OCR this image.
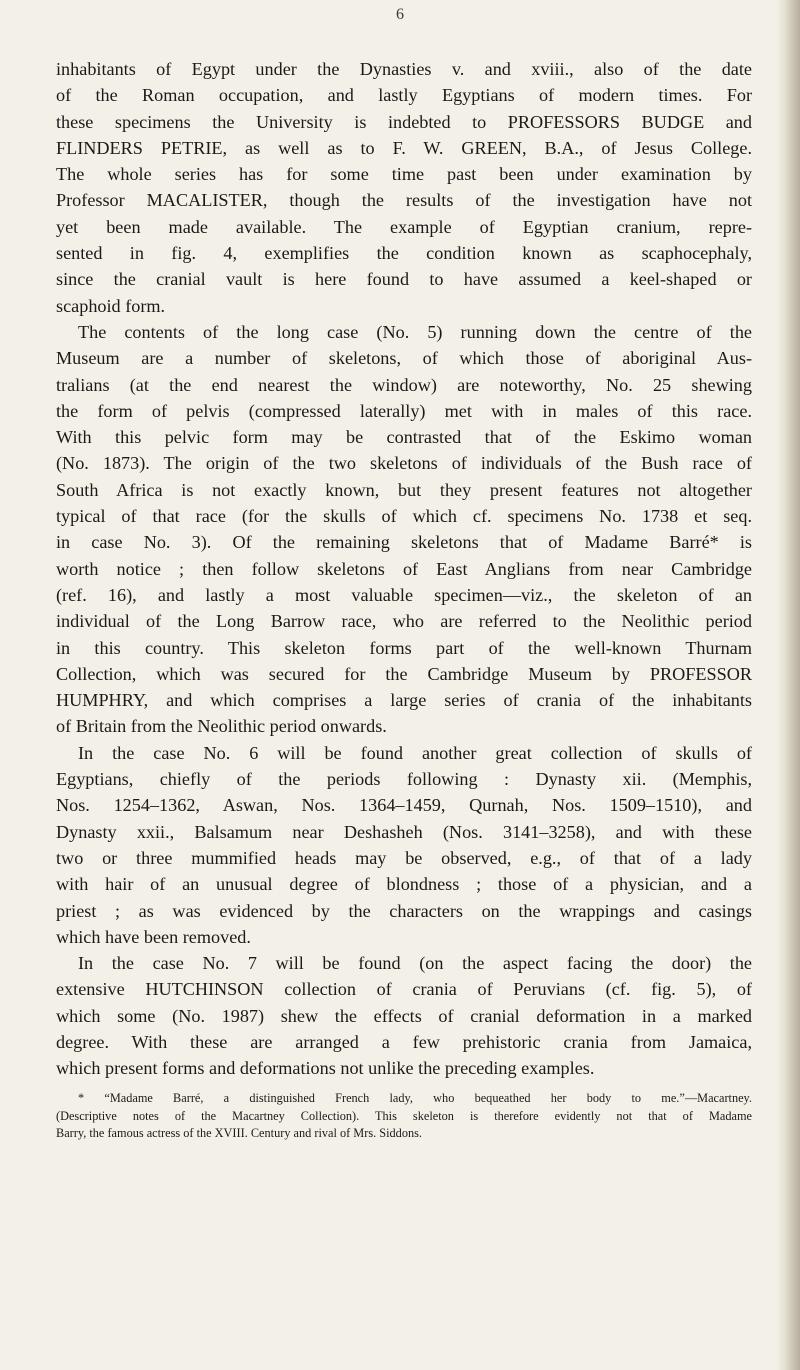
6
inhabitants of Egypt under the Dynasties v. and xviii., also of the date
of the Roman occupation, and lastly Egyptians of modern times. For
these specimens the University is indebted to PROFESSORS BUDGE and
FLINDERS PETRIE, as well as to F. W. GREEN, B.A., of Jesus College.
The whole series has for some time past been under examination by
Professor MACALISTER, though the results of the investigation have not
yet been made available. The example of Egyptian cranium, repre-
sented in fig. 4, exemplifies the condition known as scaphocephaly,
since the cranial vault is here found to have assumed a keel-shaped or
scaphoid form.
The contents of the long case (No. 5) running down the centre of the
Museum are a number of skeletons, of which those of aboriginal Aus-
tralians (at the end nearest the window) are noteworthy, No. 25 shewing
the form of pelvis (compressed laterally) met with in males of this race.
With this pelvic form may be contrasted that of the Eskimo woman
(No. 1873). The origin of the two skeletons of individuals of the Bush race of
South Africa is not exactly known, but they present features not altogether
typical of that race (for the skulls of which cf. specimens No. 1738 et seq.
in case No. 3). Of the remaining skeletons that of Madame Barré* is
worth notice ; then follow skeletons of East Anglians from near Cambridge
(ref. 16), and lastly a most valuable specimen—viz., the skeleton of an
individual of the Long Barrow race, who are referred to the Neolithic period
in this country. This skeleton forms part of the well-known Thurnam
Collection, which was secured for the Cambridge Museum by PROFESSOR
HUMPHRY, and which comprises a large series of crania of the inhabitants
of Britain from the Neolithic period onwards.
In the case No. 6 will be found another great collection of skulls of
Egyptians, chiefly of the periods following : Dynasty xii. (Memphis,
Nos. 1254–1362, Aswan, Nos. 1364–1459, Qurnah, Nos. 1509–1510), and
Dynasty xxii., Balsamum near Deshasheh (Nos. 3141–3258), and with these
two or three mummified heads may be observed, e.g., of that of a lady
with hair of an unusual degree of blondness ; those of a physician, and a
priest ; as was evidenced by the characters on the wrappings and casings
which have been removed.
In the case No. 7 will be found (on the aspect facing the door) the
extensive HUTCHINSON collection of crania of Peruvians (cf. fig. 5), of
which some (No. 1987) shew the effects of cranial deformation in a marked
degree. With these are arranged a few prehistoric crania from Jamaica,
which present forms and deformations not unlike the preceding examples.
* “Madame Barré, a distinguished French lady, who bequeathed her body to me.”—Macartney.
(Descriptive notes of the Macartney Collection). This skeleton is therefore evidently not that of Madame
Barry, the famous actress of the XVIII. Century and rival of Mrs. Siddons.
